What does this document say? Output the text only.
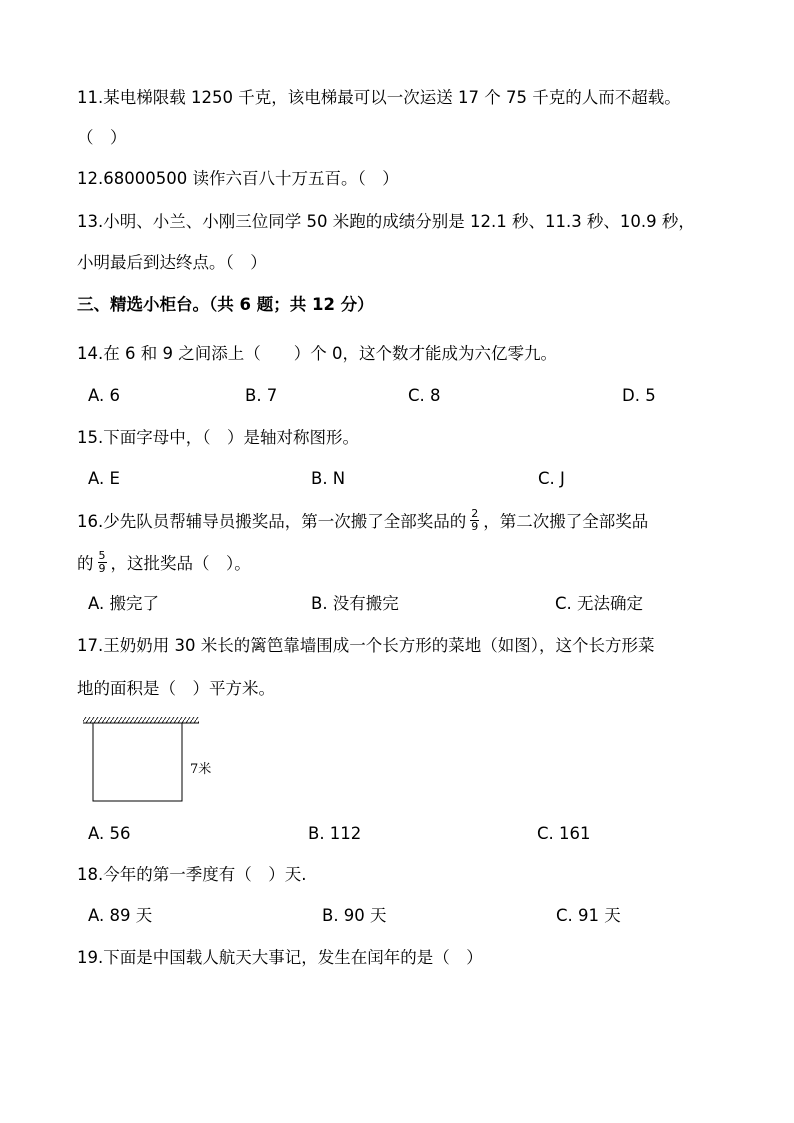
11.某电梯限载 1250 千克，该电梯最可以一次运送 17 个 75 千克的人而不超载。
（　）
12.68000500 读作六百八十万五百。（　）
13.小明、小兰、小刚三位同学 50 米跑的成绩分别是 12.1 秒、11.3 秒、10.9 秒，
小明最后到达终点。（　）
三、精选小柜台。（共 6 题；共 12 分）
14.在 6 和 9 之间添上（　　）个 0，这个数才能成为六亿零九。
A. 6	B. 7	C. 8	D. 5
15.下面字母中，（　）是轴对称图形。
A. E	B. N	C. J
16.少先队员帮辅导员搬奖品，第一次搬了全部奖品的 $\frac{2}{9}$ ，第二次搬了全部奖品
的 $\frac{5}{9}$ ，这批奖品（　）。
A. 搬完了	B. 没有搬完	C. 无法确定
17.王奶奶用 30 米长的篱笆靠墙围成一个长方形的菜地（如图），这个长方形菜
地的面积是（　）平方米。
7米
A. 56	B. 112	C. 161
18.今年的第一季度有（　）天.
A. 89 天	B. 90 天	C. 91 天
19.下面是中国载人航天大事记，发生在闰年的是（　）
